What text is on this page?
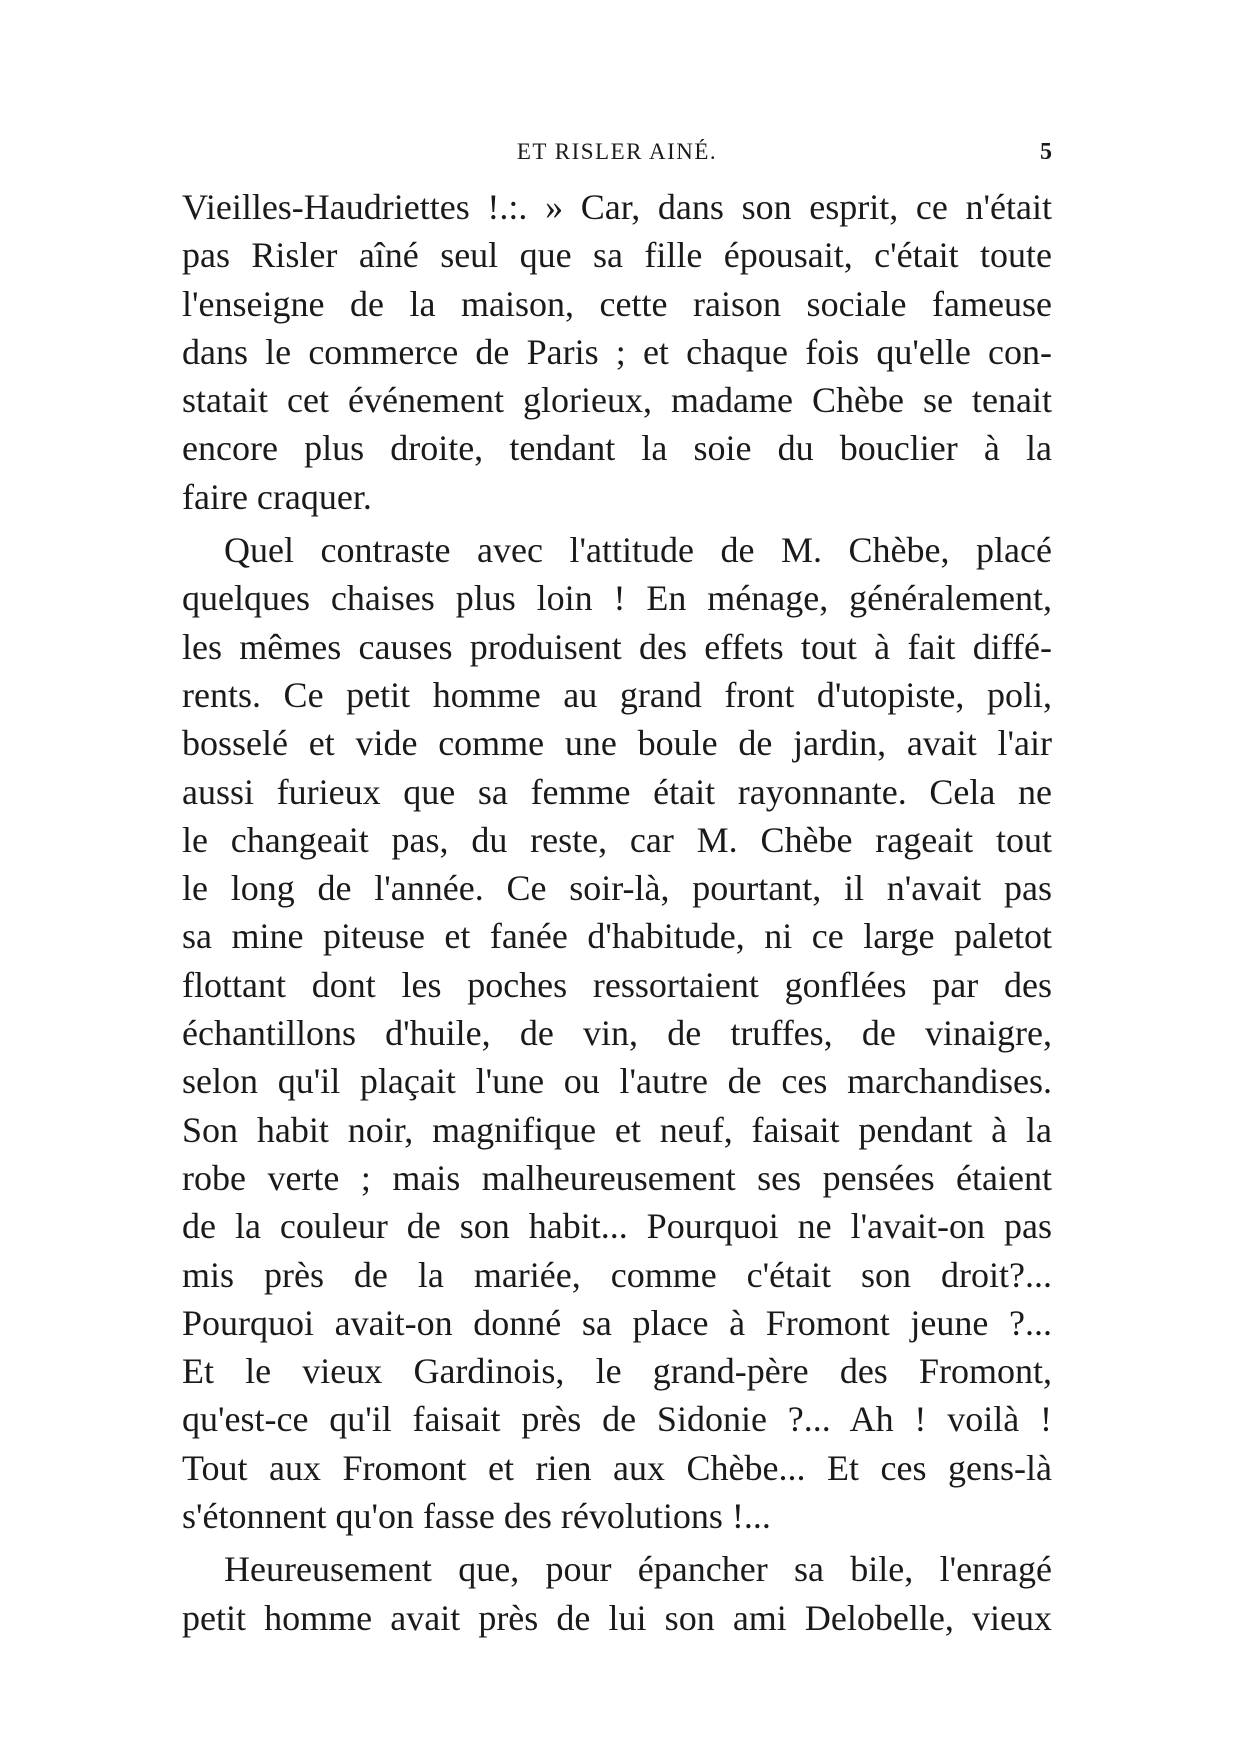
ET RISLER AINÉ.	5
Vieilles-Haudriettes !.:. » Car, dans son esprit, ce n'était
pas Risler aîné seul que sa fille épousait, c'était toute
l'enseigne de la maison, cette raison sociale fameuse
dans le commerce de Paris ; et chaque fois qu'elle con-
statait cet événement glorieux, madame Chèbe se tenait
encore plus droite, tendant la soie du bouclier à la
faire craquer.
Quel contraste avec l'attitude de M. Chèbe, placé
quelques chaises plus loin ! En ménage, généralement,
les mêmes causes produisent des effets tout à fait diffé-
rents. Ce petit homme au grand front d'utopiste, poli,
bosselé et vide comme une boule de jardin, avait l'air
aussi furieux que sa femme était rayonnante. Cela ne
le changeait pas, du reste, car M. Chèbe rageait tout
le long de l'année. Ce soir-là, pourtant, il n'avait pas
sa mine piteuse et fanée d'habitude, ni ce large paletot
flottant dont les poches ressortaient gonflées par des
échantillons d'huile, de vin, de truffes, de vinaigre,
selon qu'il plaçait l'une ou l'autre de ces marchandises.
Son habit noir, magnifique et neuf, faisait pendant à la
robe verte ; mais malheureusement ses pensées étaient
de la couleur de son habit... Pourquoi ne l'avait-on pas
mis près de la mariée, comme c'était son droit?...
Pourquoi avait-on donné sa place à Fromont jeune ?...
Et le vieux Gardinois, le grand-père des Fromont,
qu'est-ce qu'il faisait près de Sidonie ?... Ah ! voilà !
Tout aux Fromont et rien aux Chèbe... Et ces gens-là
s'étonnent qu'on fasse des révolutions !...
Heureusement que, pour épancher sa bile, l'enragé
petit homme avait près de lui son ami Delobelle, vieux
